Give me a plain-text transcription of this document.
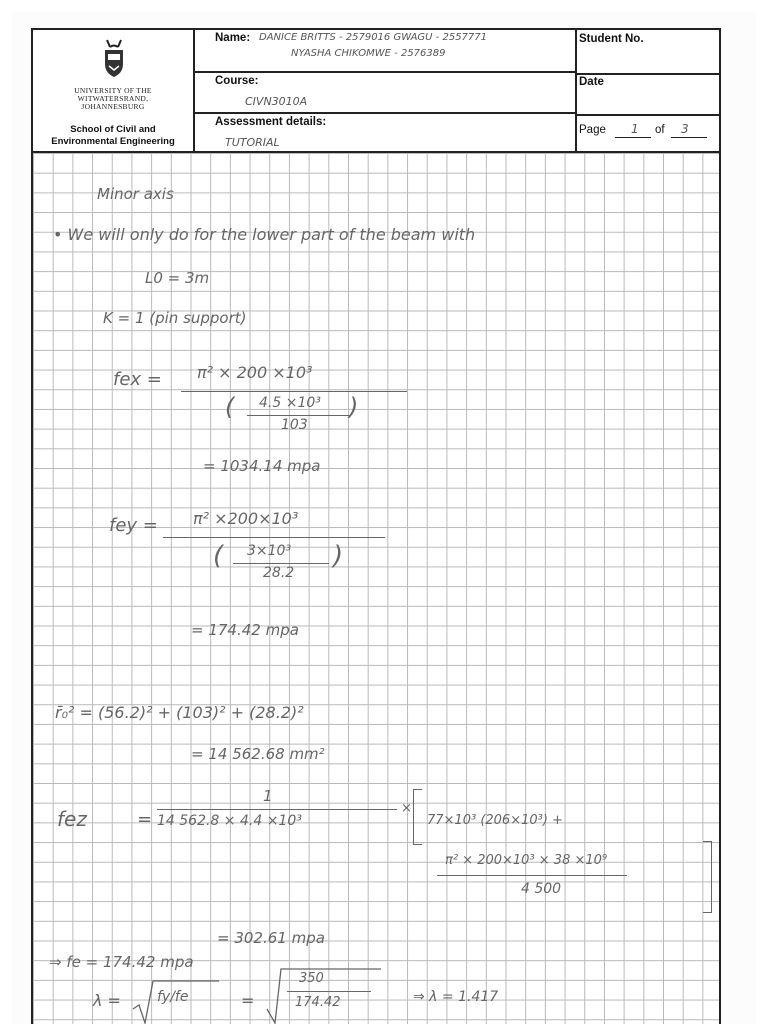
UNIVERSITY OF THE
WITWATERSRAND,
JOHANNESBURG
School of Civil and
Environmental Engineering
Name: DANICE BRITTS - 2579016 GWAGU - 2557771
NYASHA CHIKOMWE - 2576389
Course:
CIVN3010A
Assessment details:
TUTORIAL
Student No.
Date
Page 1 of 3
Minor axis
• We will only do for the lower part of the beam with
L0 = 3m
K = 1 (pin support)
fex = π² × 200 ×10³
( 4.5 ×10³
103
)
= 1034.14 mpa
fey = π² ×200×10³
( 3×10³
28.2
)
= 174.42 mpa
r̄₀² = (56.2)² + (103)² + (28.2)²
= 14 562.68 mm²
fez	=
1
14 562.8 × 4.4 ×10³
×
77×10³ (206×10³) +
π² × 200×10³ × 38 ×10⁹
4 500
= 302.61 mpa
⇒ fe = 174.42 mpa
λ =	fy/fe	=
350
174.42	⇒ λ = 1.417
